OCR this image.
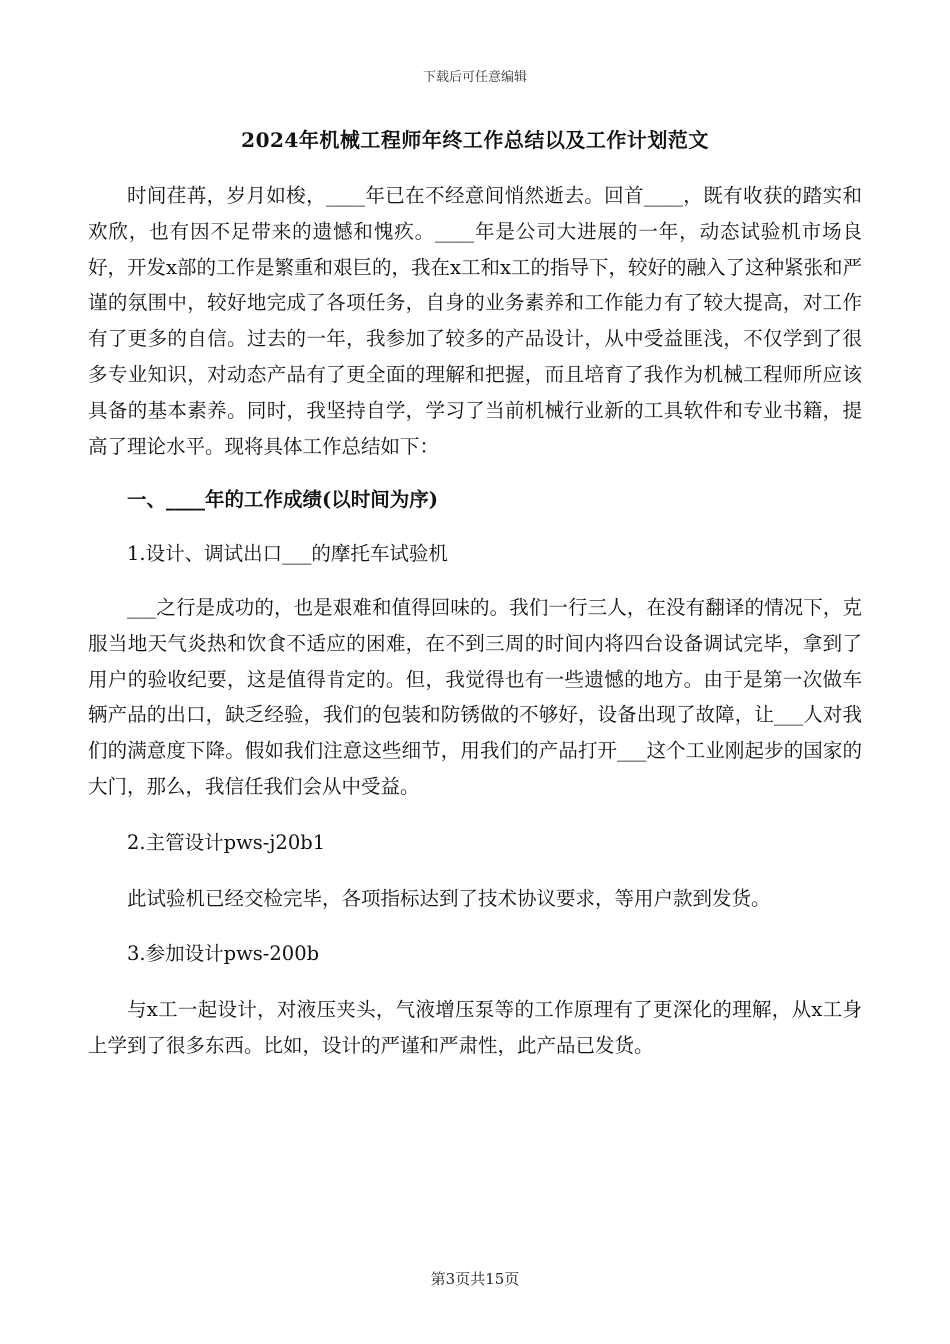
下载后可任意编辑
2024年机械工程师年终工作总结以及工作计划范文

时间荏苒，岁月如梭，____年已在不经意间悄然逝去。回首____，既有收获的踏实和欢欣，也有因不足带来的遗憾和愧疚。____年是公司大进展的一年，动态试验机市场良好，开发x部的工作是繁重和艰巨的，我在x工和x工的指导下，较好的融入了这种紧张和严谨的氛围中，较好地完成了各项任务，自身的业务素养和工作能力有了较大提高，对工作有了更多的自信。过去的一年，我参加了较多的产品设计，从中受益匪浅，不仅学到了很多专业知识，对动态产品有了更全面的理解和把握，而且培育了我作为机械工程师所应该具备的基本素养。同时，我坚持自学，学习了当前机械行业新的工具软件和专业书籍，提高了理论水平。现将具体工作总结如下：

一、____年的工作成绩(以时间为序)

1.设计、调试出口___的摩托车试验机

___之行是成功的，也是艰难和值得回味的。我们一行三人，在没有翻译的情况下，克服当地天气炎热和饮食不适应的困难，在不到三周的时间内将四台设备调试完毕，拿到了用户的验收纪要，这是值得肯定的。但，我觉得也有一些遗憾的地方。由于是第一次做车辆产品的出口，缺乏经验，我们的包装和防锈做的不够好，设备出现了故障，让___人对我们的满意度下降。假如我们注意这些细节，用我们的产品打开___这个工业刚起步的国家的大门，那么，我信任我们会从中受益。

2.主管设计pws-j20b1

此试验机已经交检完毕，各项指标达到了技术协议要求，等用户款到发货。

3.参加设计pws-200b

与x工一起设计，对液压夹头，气液增压泵等的工作原理有了更深化的理解，从x工身上学到了很多东西。比如，设计的严谨和严肃性，此产品已发货。

第3页共15页
